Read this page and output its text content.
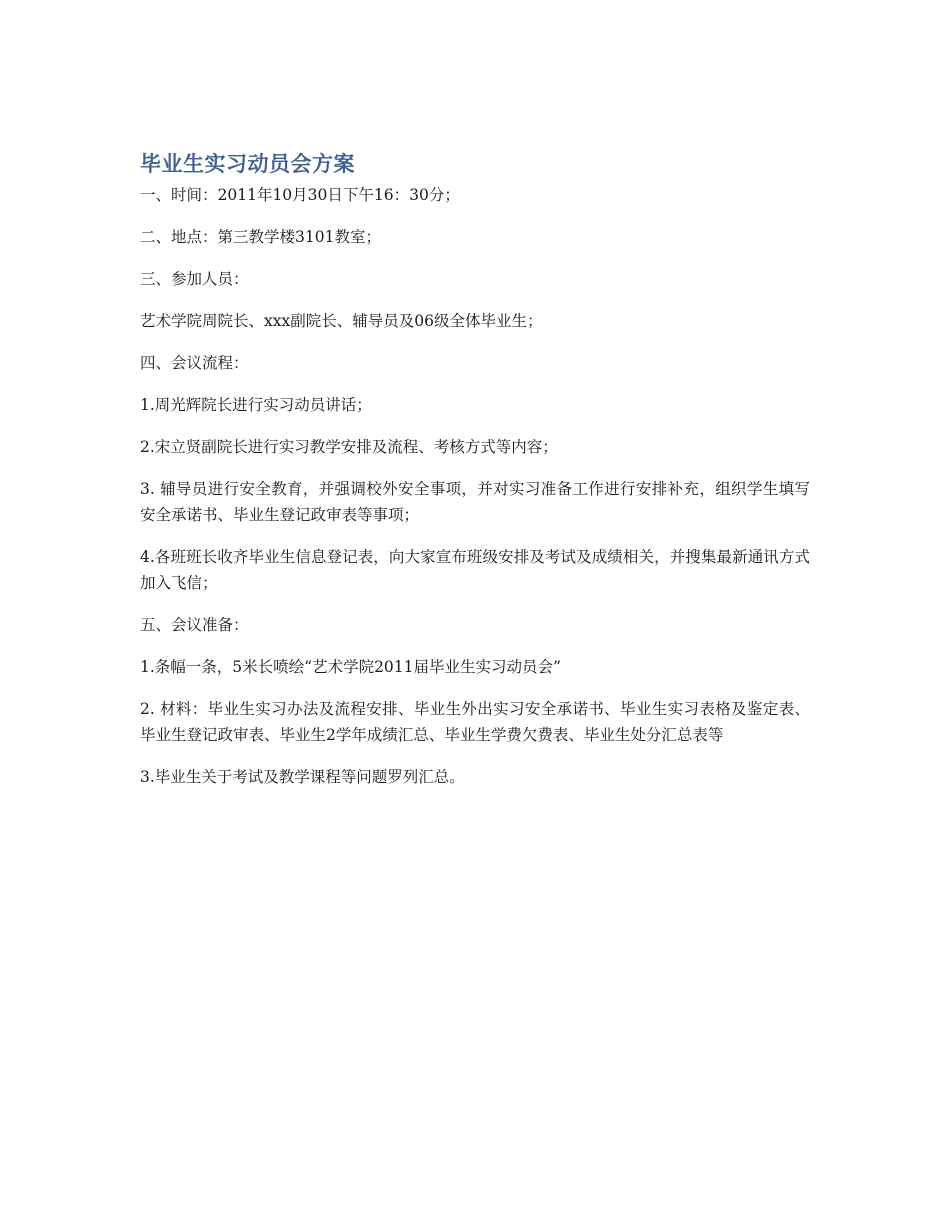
毕业生实习动员会方案

一、时间：2011年10月30日下午16：30分；

二、地点：第三教学楼3101教室；

三、参加人员：

艺术学院周院长、xxx副院长、辅导员及06级全体毕业生；

四、会议流程：

1.周光辉院长进行实习动员讲话；

2.宋立贤副院长进行实习教学安排及流程、考核方式等内容；

3. 辅导员进行安全教育，并强调校外安全事项，并对实习准备工作进行安排补充，组织学生填写安全承诺书、毕业生登记政审表等事项；

4.各班班长收齐毕业生信息登记表，向大家宣布班级安排及考试及成绩相关，并搜集最新通讯方式加入飞信；

五、会议准备：

1.条幅一条，5米长喷绘“艺术学院2011届毕业生实习动员会”

2. 材料：毕业生实习办法及流程安排、毕业生外出实习安全承诺书、毕业生实习表格及鉴定表、毕业生登记政审表、毕业生2学年成绩汇总、毕业生学费欠费表、毕业生处分汇总表等

3.毕业生关于考试及教学课程等问题罗列汇总。
